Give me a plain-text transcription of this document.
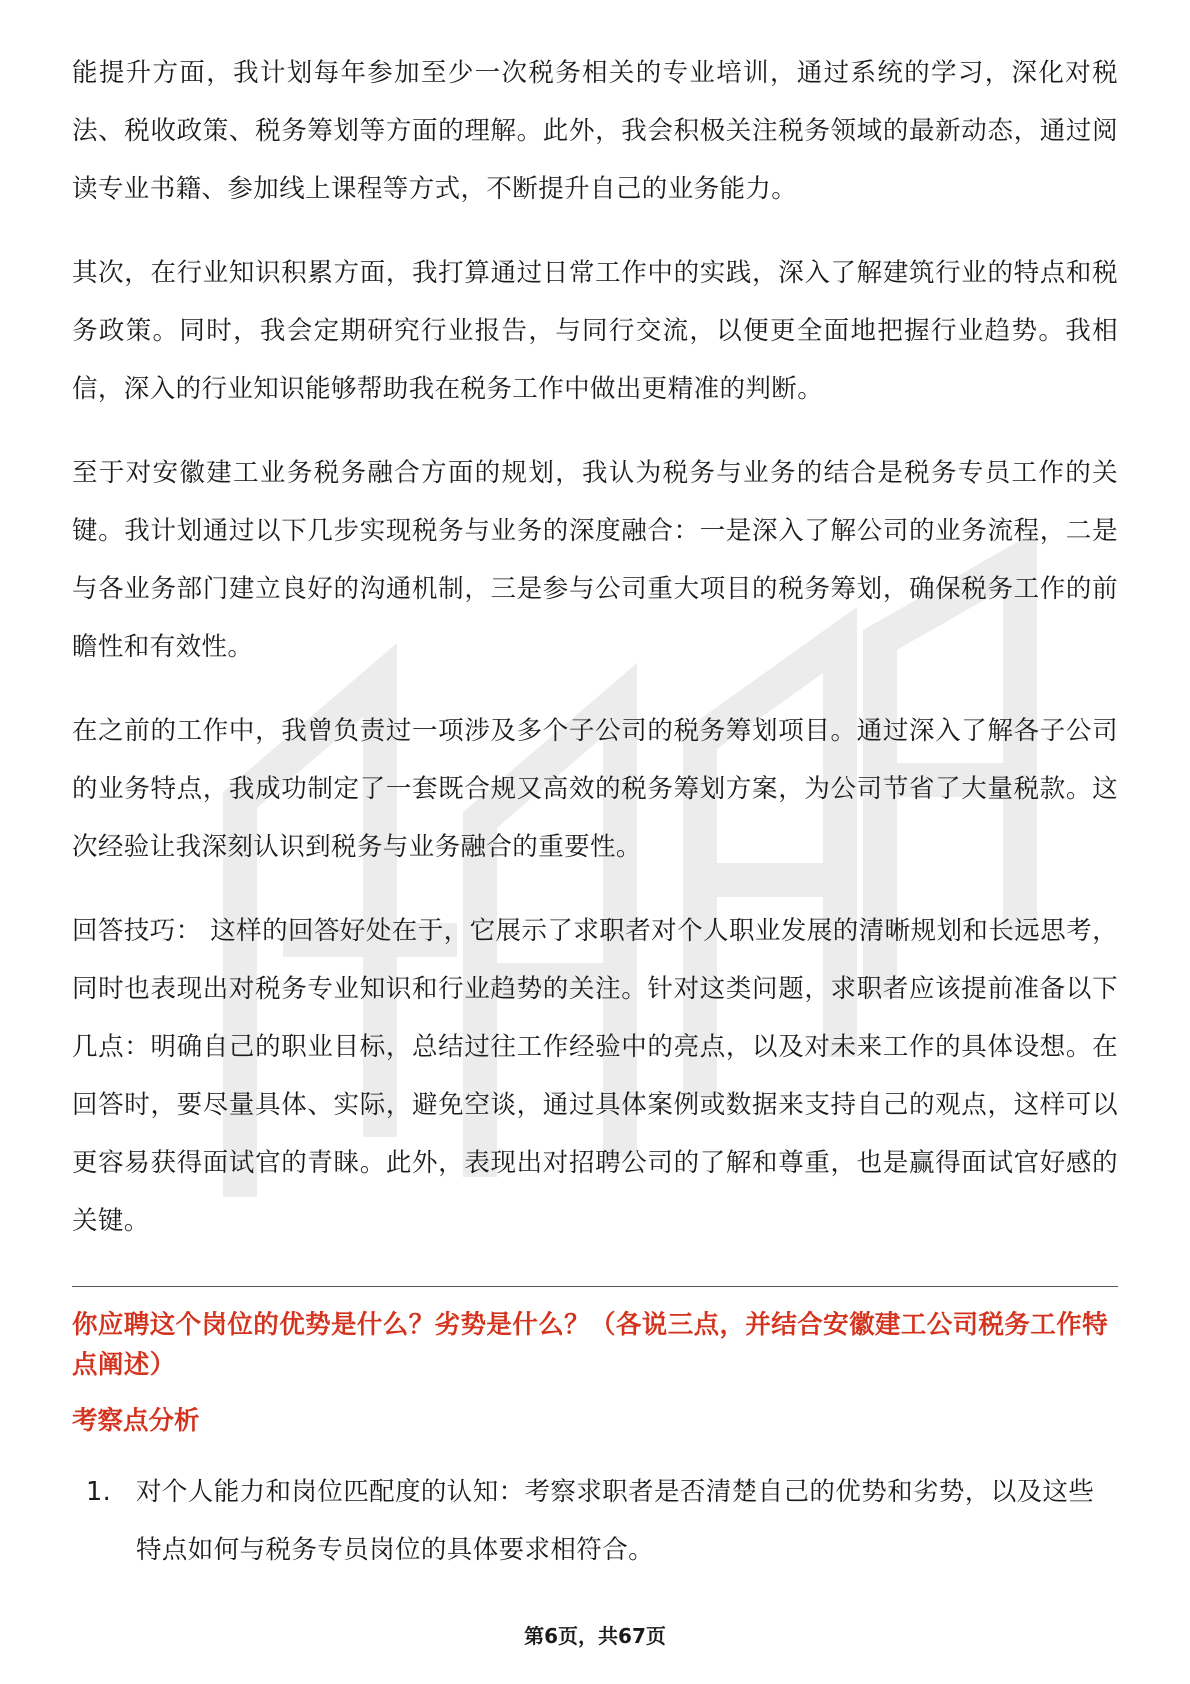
能提升方面，我计划每年参加至少一次税务相关的专业培训，通过系统的学习，深化对税法、税收政策、税务筹划等方面的理解。此外，我会积极关注税务领域的最新动态，通过阅读专业书籍、参加线上课程等方式，不断提升自己的业务能力。

其次，在行业知识积累方面，我打算通过日常工作中的实践，深入了解建筑行业的特点和税务政策。同时，我会定期研究行业报告，与同行交流，以便更全面地把握行业趋势。我相信，深入的行业知识能够帮助我在税务工作中做出更精准的判断。

至于对安徽建工业务税务融合方面的规划，我认为税务与业务的结合是税务专员工作的关键。我计划通过以下几步实现税务与业务的深度融合：一是深入了解公司的业务流程，二是与各业务部门建立良好的沟通机制，三是参与公司重大项目的税务筹划，确保税务工作的前瞻性和有效性。

在之前的工作中，我曾负责过一项涉及多个子公司的税务筹划项目。通过深入了解各子公司的业务特点，我成功制定了一套既合规又高效的税务筹划方案，为公司节省了大量税款。这次经验让我深刻认识到税务与业务融合的重要性。

回答技巧： 这样的回答好处在于，它展示了求职者对个人职业发展的清晰规划和长远思考，同时也表现出对税务专业知识和行业趋势的关注。针对这类问题，求职者应该提前准备以下几点：明确自己的职业目标，总结过往工作经验中的亮点，以及对未来工作的具体设想。在回答时，要尽量具体、实际，避免空谈，通过具体案例或数据来支持自己的观点，这样可以更容易获得面试官的青睐。此外，表现出对招聘公司的了解和尊重，也是赢得面试官好感的关键。

你应聘这个岗位的优势是什么？劣势是什么？（各说三点，并结合安徽建工公司税务工作特点阐述）

考察点分析

1. 对个人能力和岗位匹配度的认知：考察求职者是否清楚自己的优势和劣势，以及这些特点如何与税务专员岗位的具体要求相符合。
第6页，共67页
